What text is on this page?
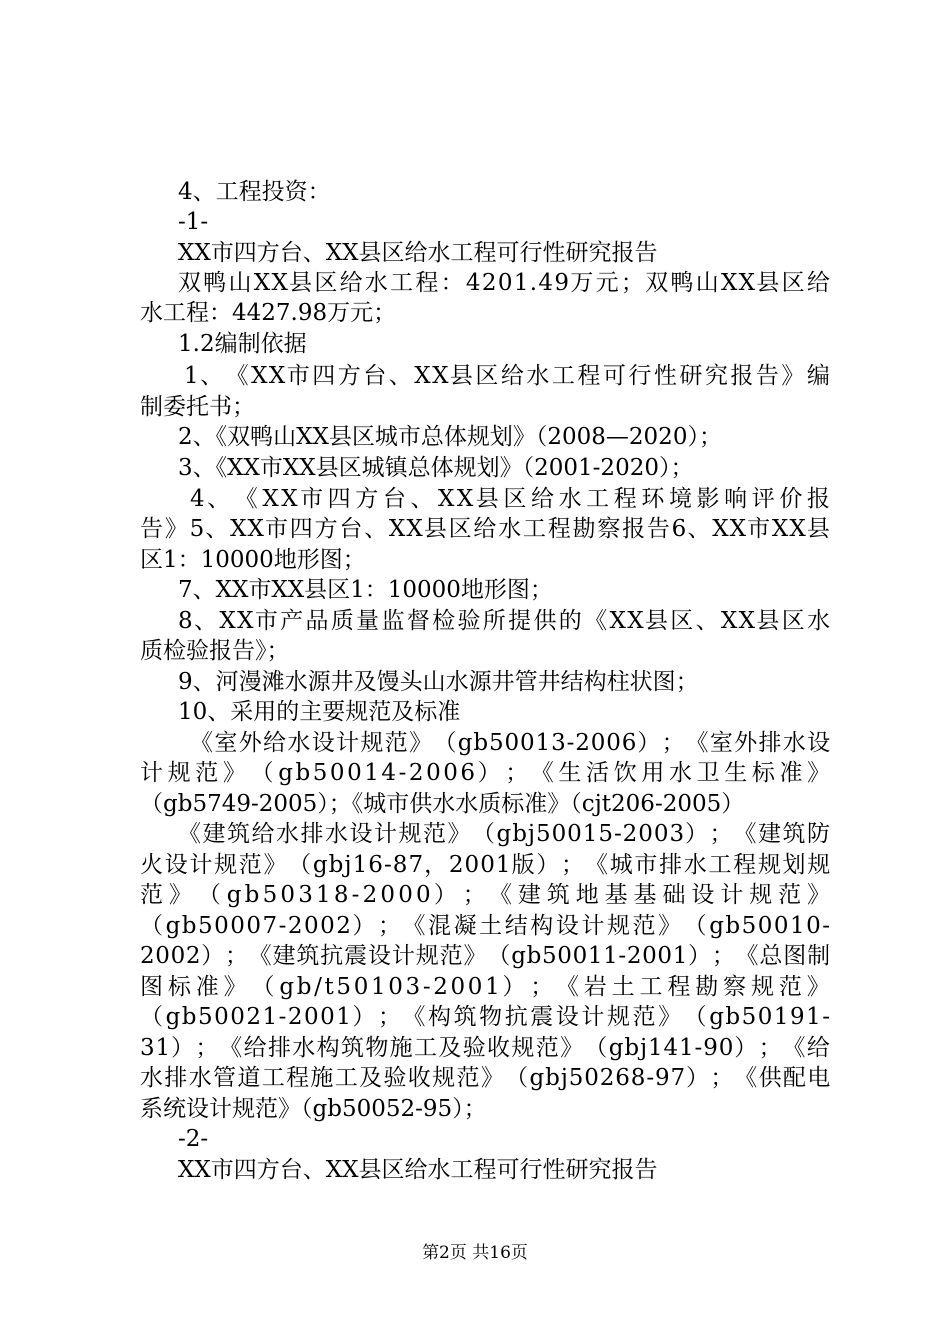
4、工程投资：
-1-
XX市四方台、XX县区给水工程可行性研究报告
双 鸭 山 X X 县 区 给 水 工 程 ： 4 2 0 1 . 4 9 万 元 ； 双 鸭 山 X X 县 区 给
水工程：4427.98万元；
1.2编制依据
1 、 《 X X 市 四 方 台 、 X X 县 区 给 水 工 程 可 行 性 研 究 报 告 》 编
制委托书；
2、《双鸭山XX县区城市总体规划》（2008—2020）；
3、《XX市XX县区城镇总体规划》（2001-2020）；
4 、 《 X X 市 四 方 台 、 X X 县 区 给 水 工 程 环 境 影 响 评 价 报
告 》 5 、 X X 市 四 方 台 、 X X 县 区 给 水 工 程 勘 察 报 告 6 、 X X 市 X X 县
区1：10000地形图；
7、XX市XX县区1：10000地形图；
8 、 X X 市 产 品 质 量 监 督 检 验 所 提 供 的 《 X X 县 区 、 X X 县 区 水
质检验报告》；
9、河漫滩水源井及馒头山水源井管井结构柱状图；
10、采用的主要规范及标准
《 室 外 给 水 设 计 规 范 》 （ g b 5 0 0 1 3 - 2 0 0 6 ） ； 《 室 外 排 水 设
计 规 范 》 （ g b 5 0 0 1 4 - 2 0 0 6 ） ； 《 生 活 饮 用 水 卫 生 标 准 》
（gb5749-2005）；《城市供水水质标准》（cjt206-2005）
《 建 筑 给 水 排 水 设 计 规 范 》 （ g b j 5 0 0 1 5 - 2 0 0 3 ） ； 《 建 筑 防
火 设 计 规 范 》 （ g b j 1 6 - 8 7 ， 2 0 0 1 版 ） ； 《 城 市 排 水 工 程 规 划 规
范 》 （ g b 5 0 3 1 8 - 2 0 0 0 ） ； 《 建 筑 地 基 基 础 设 计 规 范 》
（ g b 5 0 0 0 7 - 2 0 0 2 ） ； 《 混 凝 土 结 构 设 计 规 范 》 （ g b 5 0 0 1 0 -
2 0 0 2 ） ； 《 建 筑 抗 震 设 计 规 范 》 （ g b 5 0 0 1 1 - 2 0 0 1 ） ； 《 总 图 制
图 标 准 》 （ g b / t 5 0 1 0 3 - 2 0 0 1 ） ； 《 岩 土 工 程 勘 察 规 范 》
（ g b 5 0 0 2 1 - 2 0 0 1 ） ； 《 构 筑 物 抗 震 设 计 规 范 》 （ g b 5 0 1 9 1 -
3 1 ） ； 《 给 排 水 构 筑 物 施 工 及 验 收 规 范 》 （ g b j 1 4 1 - 9 0 ） ； 《 给
水 排 水 管 道 工 程 施 工 及 验 收 规 范 》 （ g b j 5 0 2 6 8 - 9 7 ） ； 《 供 配 电
系统设计规范》（gb50052-95）；
-2-
XX市四方台、XX县区给水工程可行性研究报告
第2页 共16页
